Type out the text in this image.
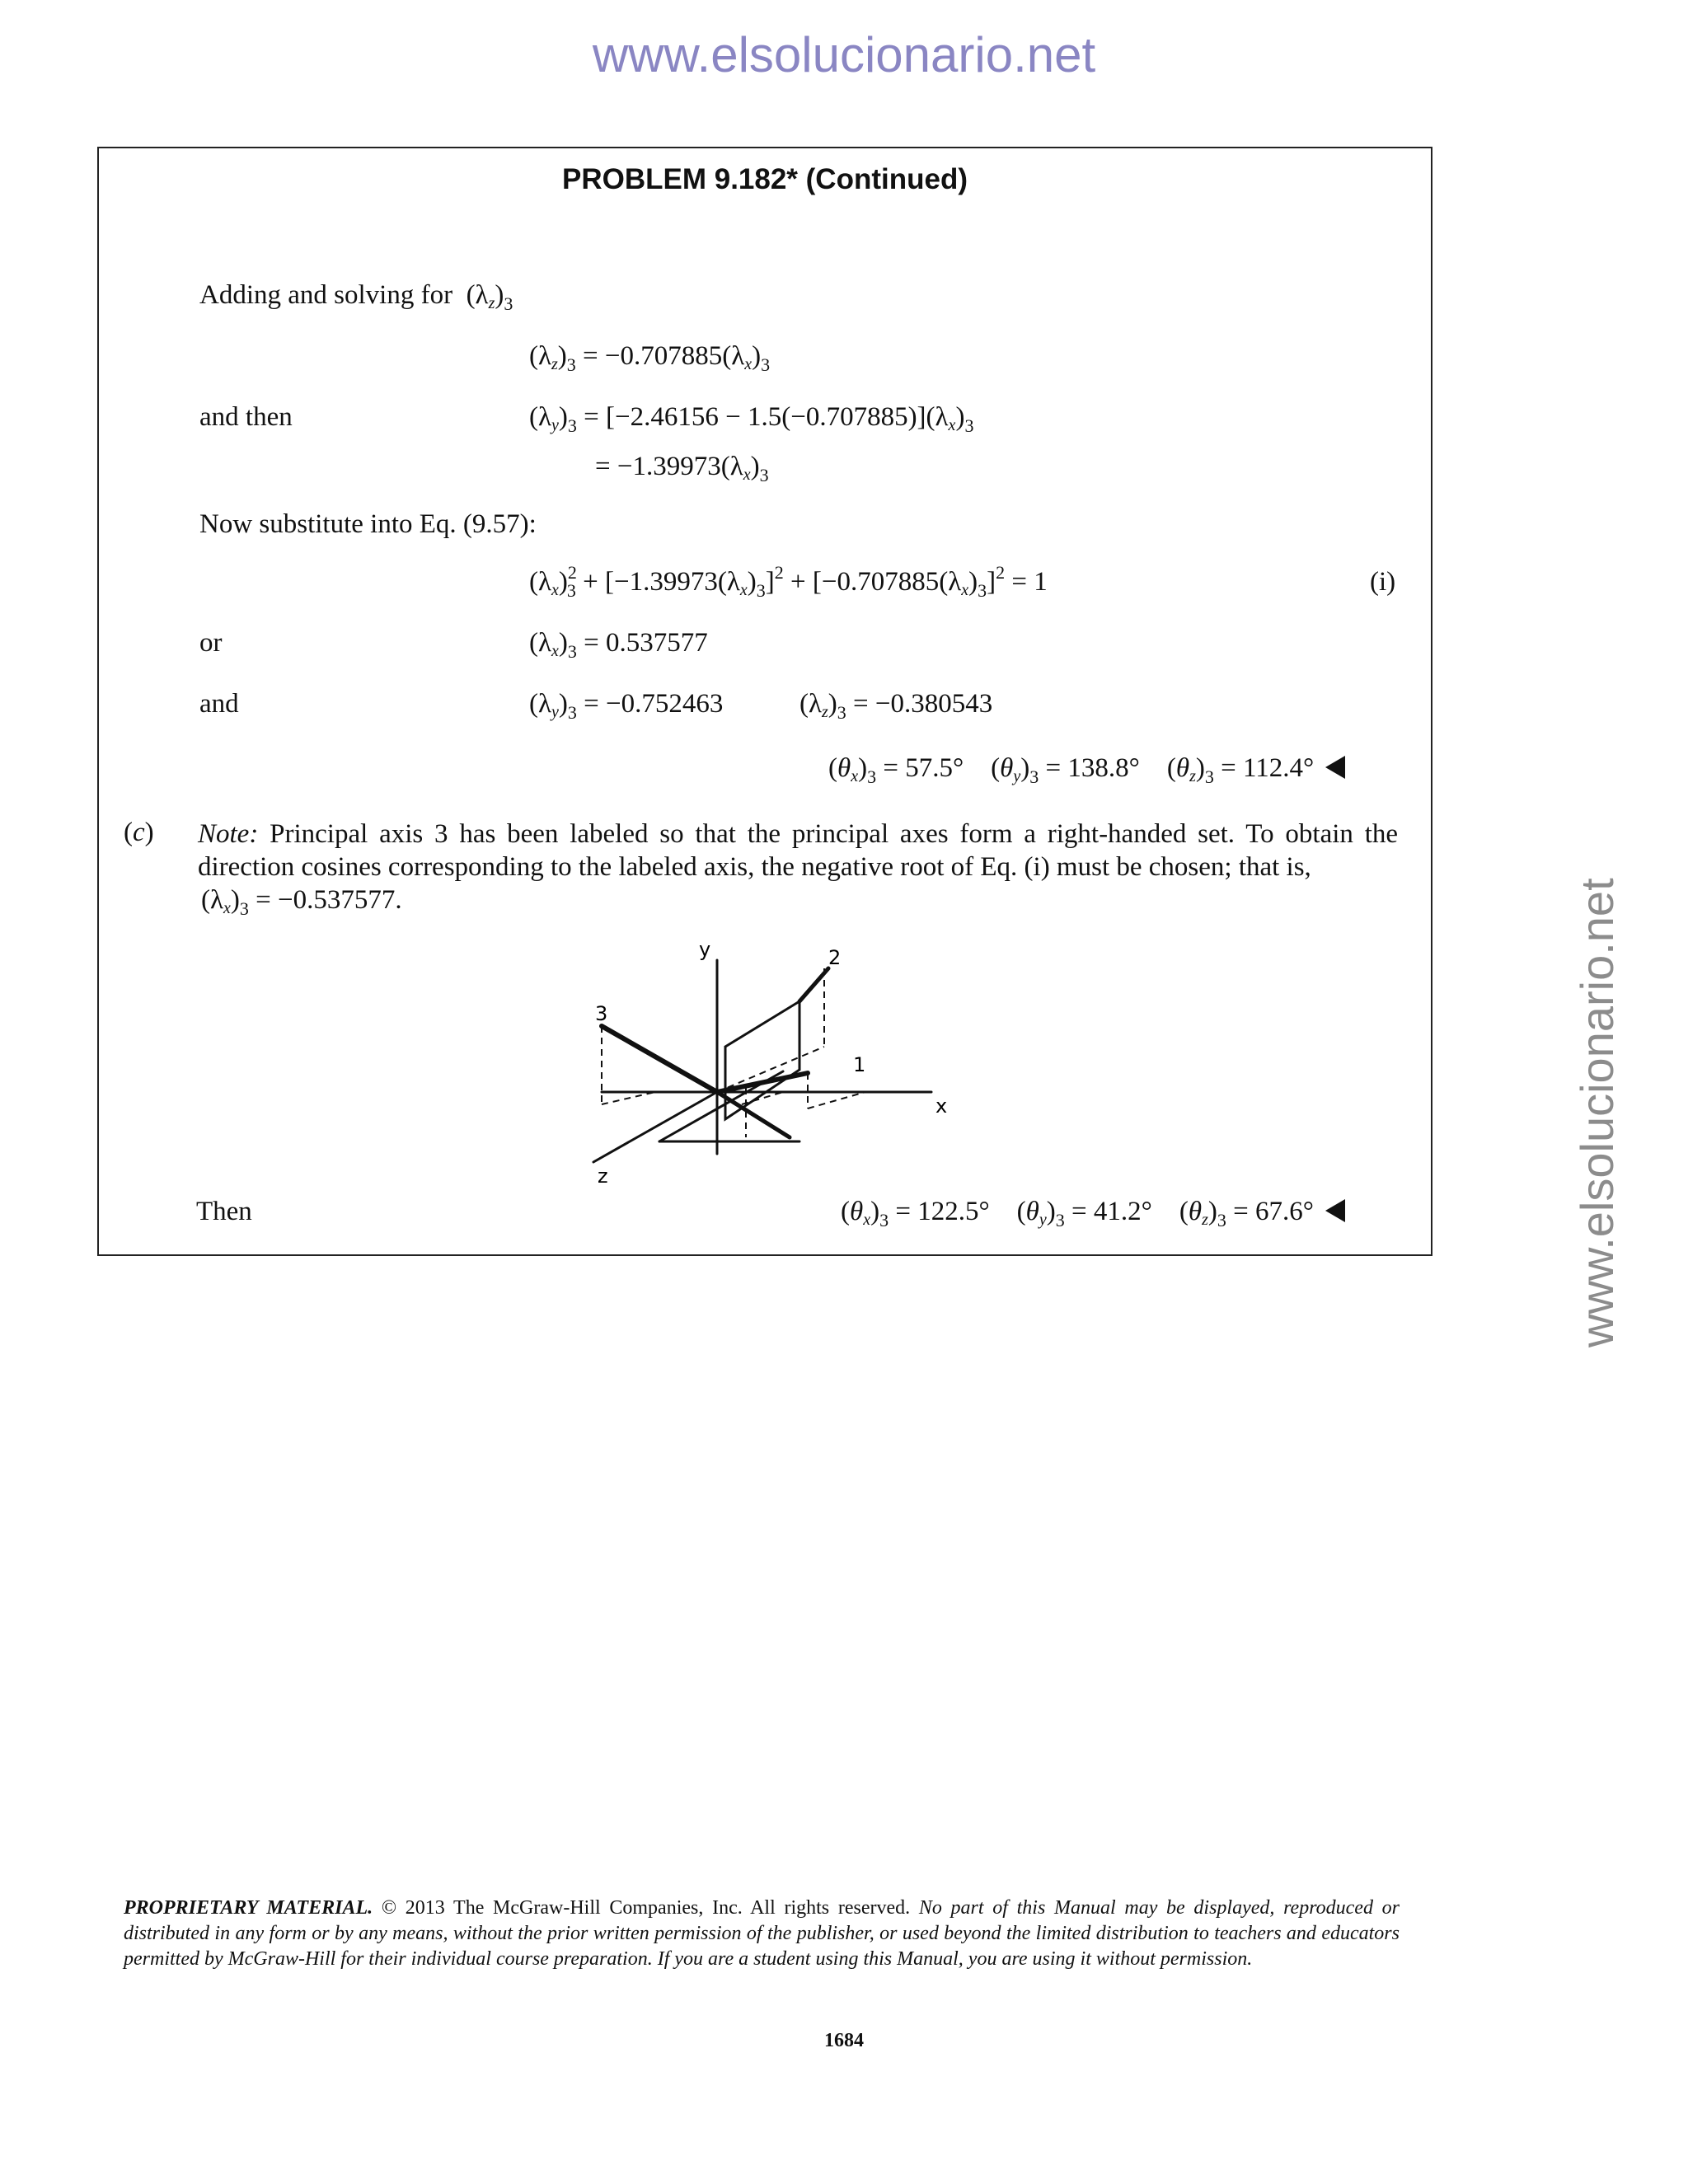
www.elsolucionario.net
www.elsolucionario.net
PROBLEM 9.182* (Continued)
Adding and solving for  $(\lambda z)_3$
$(\lambda z)_3 = -0.707885(\lambda x)_3$
and then	$(\lambda y)_3 = [-2.46156 - 1.5(-0.707885)](\lambda x)_3$
= $-1.39973(\lambda x)_3$
Now substitute into Eq. (9.57):
$(\lambda x)^2_3 + [-1.39973(\lambda x)_3]^2 + [-0.707885(\lambda x)_3]^2 = 1$	(i)
or	$(\lambda x)_3 = 0.537577$
and	$(\lambda y)_3 = -0.752463$	$(\lambda z)_3 = -0.380543$
$(\theta x)_3 = 57.5^\circ$    $(\theta y)_3 = 138.8^\circ$    $(\theta z)_3 = 112.4^\circ$
(c) Note: Principal axis 3 has been labeled so that the principal axes form a right-handed set. To obtain the direction cosines corresponding to the labeled axis, the negative root of Eq. (i) must be chosen; that is,
$(\lambda x)_3 = -0.537577$.
y
x
z
1
2
3
Then	$(\theta x)_3 = 122.5^\circ$    $(\theta y)_3 = 41.2^\circ$    $(\theta z)_3 = 67.6^\circ$
PROPRIETARY MATERIAL. © 2013 The McGraw-Hill Companies, Inc. All rights reserved. No part of this Manual may be displayed, reproduced or distributed in any form or by any means, without the prior written permission of the publisher, or used beyond the limited distribution to teachers and educators permitted by McGraw-Hill for their individual course preparation. If you are a student using this Manual, you are using it without permission.
1684
